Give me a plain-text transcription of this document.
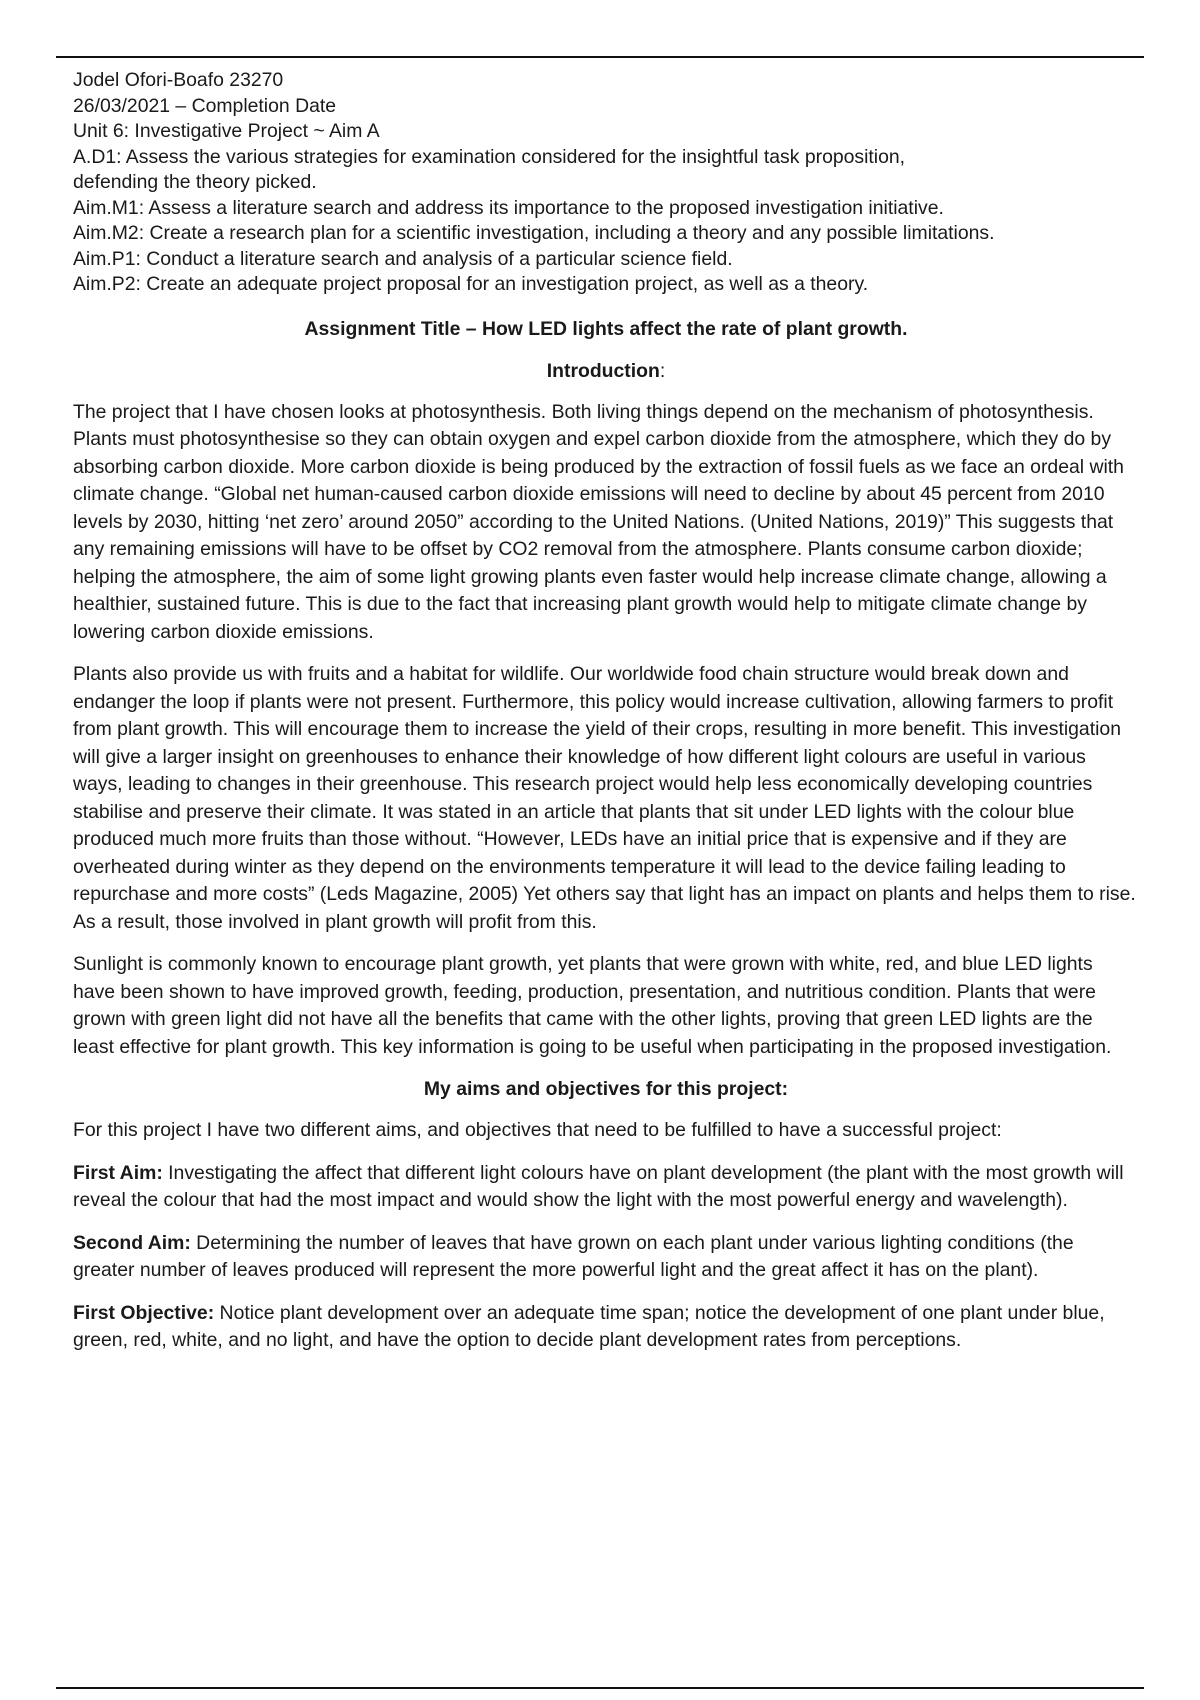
Jodel Ofori-Boafo 23270
26/03/2021 – Completion Date
Unit 6: Investigative Project ~ Aim A
A.D1: Assess the various strategies for examination considered for the insightful task proposition, defending the theory picked.
Aim.M1: Assess a literature search and address its importance to the proposed investigation initiative.
Aim.M2: Create a research plan for a scientific investigation, including a theory and any possible limitations.
Aim.P1: Conduct a literature search and analysis of a particular science field.
Aim.P2: Create an adequate project proposal for an investigation project, as well as a theory.
Assignment Title – How LED lights affect the rate of plant growth.
Introduction:
The project that I have chosen looks at photosynthesis. Both living things depend on the mechanism of photosynthesis. Plants must photosynthesise so they can obtain oxygen and expel carbon dioxide from the atmosphere, which they do by absorbing carbon dioxide. More carbon dioxide is being produced by the extraction of fossil fuels as we face an ordeal with climate change. “Global net human-caused carbon dioxide emissions will need to decline by about 45 percent from 2010 levels by 2030, hitting ‘net zero’ around 2050” according to the United Nations. (United Nations, 2019)” This suggests that any remaining emissions will have to be offset by CO2 removal from the atmosphere. Plants consume carbon dioxide; helping the atmosphere, the aim of some light growing plants even faster would help increase climate change, allowing a healthier, sustained future. This is due to the fact that increasing plant growth would help to mitigate climate change by lowering carbon dioxide emissions.
Plants also provide us with fruits and a habitat for wildlife. Our worldwide food chain structure would break down and endanger the loop if plants were not present. Furthermore, this policy would increase cultivation, allowing farmers to profit from plant growth. This will encourage them to increase the yield of their crops, resulting in more benefit. This investigation will give a larger insight on greenhouses to enhance their knowledge of how different light colours are useful in various ways, leading to changes in their greenhouse. This research project would help less economically developing countries stabilise and preserve their climate. It was stated in an article that plants that sit under LED lights with the colour blue produced much more fruits than those without. “However, LEDs have an initial price that is expensive and if they are overheated during winter as they depend on the environments temperature it will lead to the device failing leading to repurchase and more costs” (Leds Magazine, 2005) Yet others say that light has an impact on plants and helps them to rise. As a result, those involved in plant growth will profit from this.
Sunlight is commonly known to encourage plant growth, yet plants that were grown with white, red, and blue LED lights have been shown to have improved growth, feeding, production, presentation, and nutritious condition. Plants that were grown with green light did not have all the benefits that came with the other lights, proving that green LED lights are the least effective for plant growth. This key information is going to be useful when participating in the proposed investigation.
My aims and objectives for this project:
For this project I have two different aims, and objectives that need to be fulfilled to have a successful project:
First Aim: Investigating the affect that different light colours have on plant development (the plant with the most growth will reveal the colour that had the most impact and would show the light with the most powerful energy and wavelength).
Second Aim: Determining the number of leaves that have grown on each plant under various lighting conditions (the greater number of leaves produced will represent the more powerful light and the great affect it has on the plant).
First Objective: Notice plant development over an adequate time span; notice the development of one plant under blue, green, red, white, and no light, and have the option to decide plant development rates from perceptions.
